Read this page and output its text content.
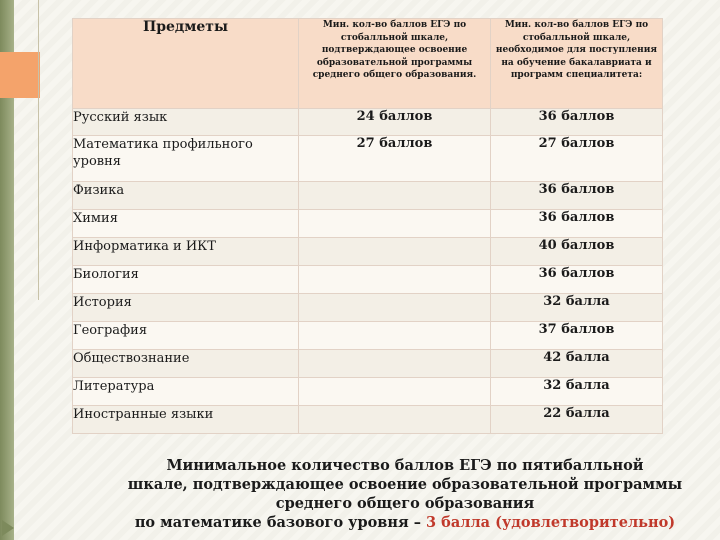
Предметы	Мин. кол-во баллов ЕГЭ по стобалльной шкале, подтверждающее освоение образовательной программы среднего общего образования.	Мин. кол-во баллов ЕГЭ по стобалльной шкале, необходимое для поступления на обучение бакалавриата и программ специалитета:
Русский язык	24 баллов	36 баллов
Математика профильного уровня	27 баллов	27 баллов
Физика		36 баллов
Химия		36 баллов
Информатика и ИКТ		40 баллов
Биология		36 баллов
История		32 балла
География		37 баллов
Обществознание		42 балла
Литература		32 балла
Иностранные языки		22 балла
Минимальное количество баллов ЕГЭ по пятибалльной
шкале, подтверждающее освоение образовательной программы
среднего общего образования
по математике базового уровня – 3 балла (удовлетворительно)
